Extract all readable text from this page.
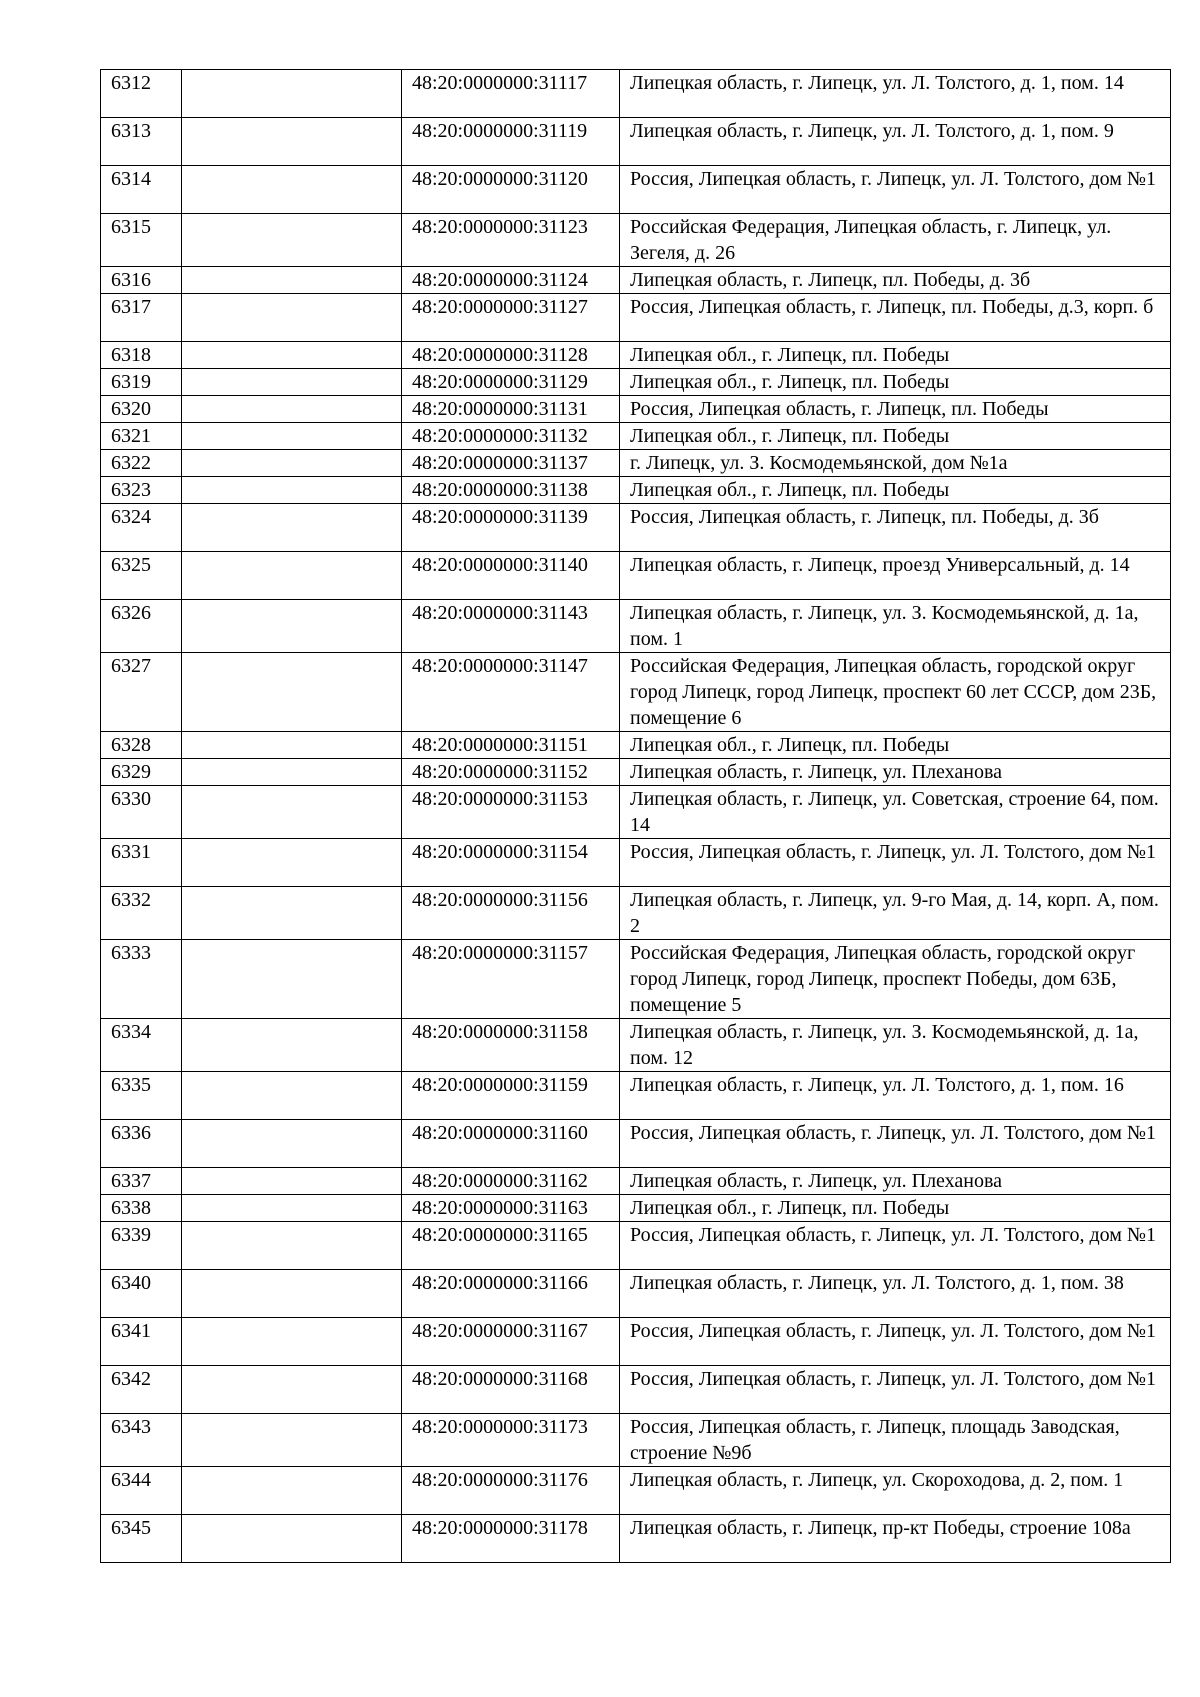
6312		48:20:0000000:31117	Липецкая область, г. Липецк, ул. Л. Толстого, д. 1, пом. 14
6313		48:20:0000000:31119	Липецкая область, г. Липецк, ул. Л. Толстого, д. 1, пом. 9
6314		48:20:0000000:31120	Россия, Липецкая область, г. Липецк, ул. Л. Толстого, дом №1
6315		48:20:0000000:31123	Российская Федерация, Липецкая область, г. Липецк, ул. Зегеля, д. 26
6316		48:20:0000000:31124	Липецкая область, г. Липецк, пл. Победы, д. 3б
6317		48:20:0000000:31127	Россия, Липецкая область, г. Липецк, пл. Победы, д.3, корп. б
6318		48:20:0000000:31128	Липецкая обл., г. Липецк, пл. Победы
6319		48:20:0000000:31129	Липецкая обл., г. Липецк, пл. Победы
6320		48:20:0000000:31131	Россия, Липецкая область, г. Липецк, пл. Победы
6321		48:20:0000000:31132	Липецкая обл., г. Липецк, пл. Победы
6322		48:20:0000000:31137	г. Липецк, ул. З. Космодемьянской, дом №1а
6323		48:20:0000000:31138	Липецкая обл., г. Липецк, пл. Победы
6324		48:20:0000000:31139	Россия, Липецкая область, г. Липецк, пл. Победы, д. 3б
6325		48:20:0000000:31140	Липецкая область, г. Липецк, проезд Универсальный, д. 14
6326		48:20:0000000:31143	Липецкая область, г. Липецк, ул. З. Космодемьянской, д. 1а, пом. 1
6327		48:20:0000000:31147	Российская Федерация, Липецкая область, городской округ город Липецк, город Липецк, проспект 60 лет СССР, дом 23Б, помещение 6
6328		48:20:0000000:31151	Липецкая обл., г. Липецк, пл. Победы
6329		48:20:0000000:31152	Липецкая область, г. Липецк, ул. Плеханова
6330		48:20:0000000:31153	Липецкая область, г. Липецк, ул. Советская, строение 64, пом. 14
6331		48:20:0000000:31154	Россия, Липецкая область, г. Липецк, ул. Л. Толстого, дом №1
6332		48:20:0000000:31156	Липецкая область, г. Липецк, ул. 9-го Мая, д. 14, корп. А, пом. 2
6333		48:20:0000000:31157	Российская Федерация, Липецкая область, городской округ город Липецк, город Липецк, проспект Победы, дом 63Б, помещение 5
6334		48:20:0000000:31158	Липецкая область, г. Липецк, ул. З. Космодемьянской, д. 1а, пом. 12
6335		48:20:0000000:31159	Липецкая область, г. Липецк, ул. Л. Толстого, д. 1, пом. 16
6336		48:20:0000000:31160	Россия, Липецкая область, г. Липецк, ул. Л. Толстого, дом №1
6337		48:20:0000000:31162	Липецкая область, г. Липецк, ул. Плеханова
6338		48:20:0000000:31163	Липецкая обл., г. Липецк, пл. Победы
6339		48:20:0000000:31165	Россия, Липецкая область, г. Липецк, ул. Л. Толстого, дом №1
6340		48:20:0000000:31166	Липецкая область, г. Липецк, ул. Л. Толстого, д. 1, пом. 38
6341		48:20:0000000:31167	Россия, Липецкая область, г. Липецк, ул. Л. Толстого, дом №1
6342		48:20:0000000:31168	Россия, Липецкая область, г. Липецк, ул. Л. Толстого, дом №1
6343		48:20:0000000:31173	Россия, Липецкая область, г. Липецк, площадь Заводская, строение №9б
6344		48:20:0000000:31176	Липецкая область, г. Липецк, ул. Скороходова, д. 2, пом. 1
6345		48:20:0000000:31178	Липецкая область, г. Липецк, пр-кт Победы, строение 108а
